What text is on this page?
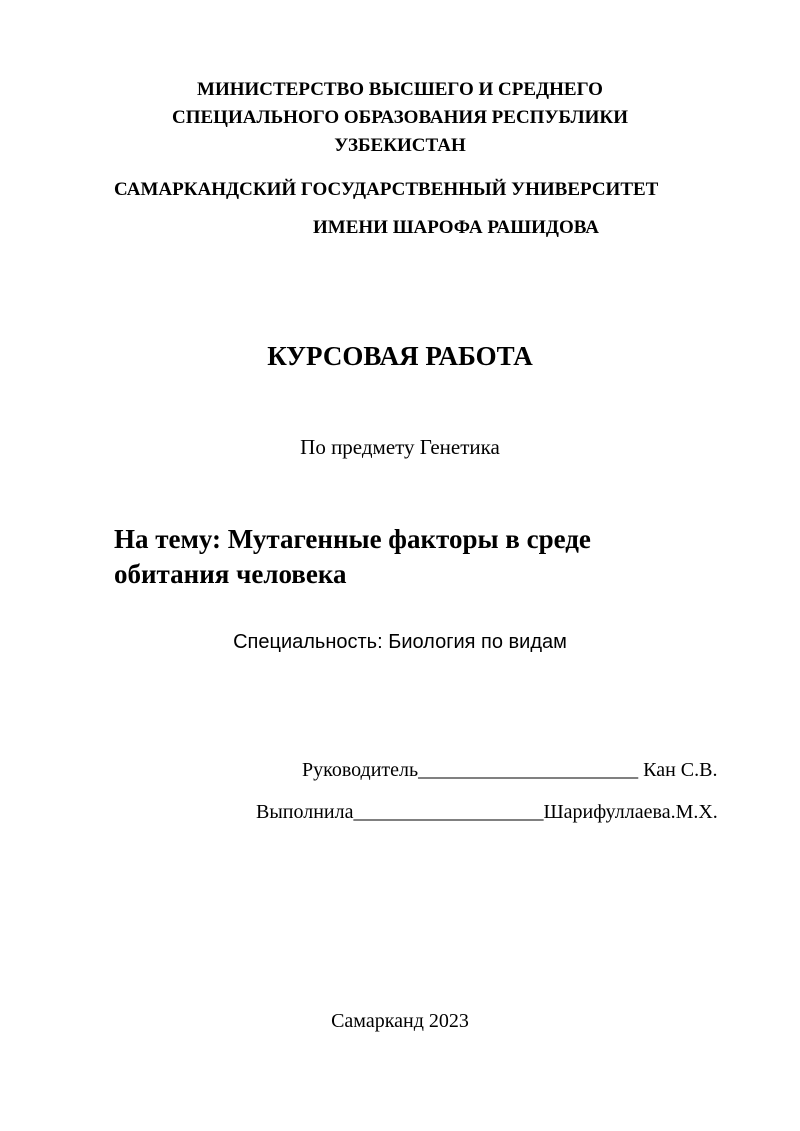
МИНИСТЕРСТВО ВЫСШЕГО И СРЕДНЕГО
СПЕЦИАЛЬНОГО ОБРАЗОВАНИЯ РЕСПУБЛИКИ
УЗБЕКИСТАН
САМАРКАНДСКИЙ ГОСУДАРСТВЕННЫЙ УНИВЕРСИТЕТ
ИМЕНИ ШАРОФА РАШИДОВА
КУРСОВАЯ РАБОТА
По предмету Генетика
На тему: Мутагенные факторы в среде
обитания человека
Специальность: Биология по видам
Руководитель______________________ Кан С.В.
Выполнила___________________Шарифуллаева.М.Х.
Самарканд 2023
